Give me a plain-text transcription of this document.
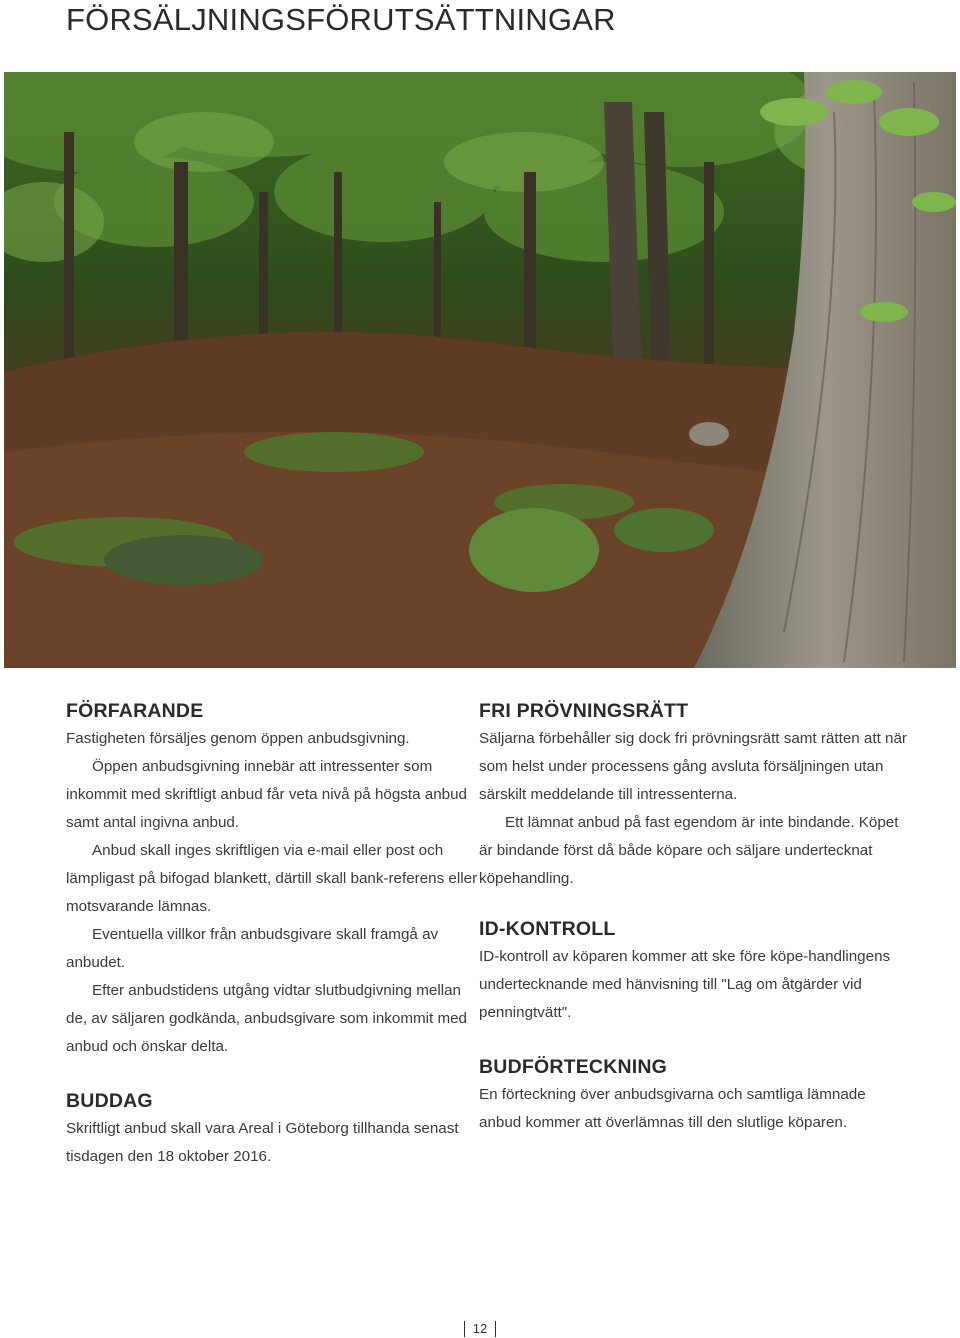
FÖRSÄLJNINGSFÖRUTSÄTTNINGAR
FÖRFARANDE

Fastigheten försäljes genom öppen anbudsgivning.

Öppen anbudsgivning innebär att intressenter som inkommit med skriftligt anbud får veta nivå på högsta anbud samt antal ingivna anbud.

Anbud skall inges skriftligen via e-mail eller post och lämpligast på bifogad blankett, därtill skall bank-referens eller motsvarande lämnas.

Eventuella villkor från anbudsgivare skall framgå av anbudet.

Efter anbudstidens utgång vidtar slutbudgivning mellan de, av säljaren godkända, anbudsgivare som inkommit med anbud och önskar delta.

BUDDAG

Skriftligt anbud skall vara Areal i Göteborg tillhanda senast tisdagen den 18 oktober 2016.

FRI PRÖVNINGSRÄTT

Säljarna förbehåller sig dock fri prövningsrätt samt rätten att när som helst under processens gång avsluta försäljningen utan särskilt meddelande till intressenterna.

Ett lämnat anbud på fast egendom är inte bindande. Köpet är bindande först då både köpare och säljare undertecknat köpehandling.

ID-KONTROLL

ID-kontroll av köparen kommer att ske före köpe-handlingens undertecknande med hänvisning till "Lag om åtgärder vid penningtvätt".

BUDFÖRTECKNING

En förteckning över anbudsgivarna och samtliga lämnade anbud kommer att överlämnas till den slutlige köparen.

12
